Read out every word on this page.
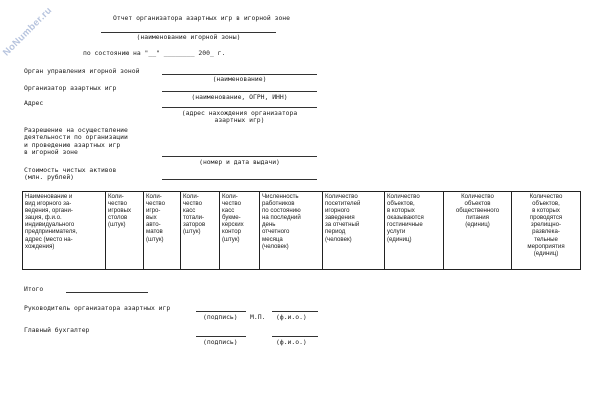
NoNumber.ru	Отчет организатора азартных игр в игорной зоне
(наименование игорной зоны)
по состоянию на "__" ________ 200_ г.
Орган управления игорной зоной
(наименование)
Организатор азартных игр
(наименование, ОГРН, ИНН)
Адрес
(адрес нахождения организатора
азартных игр)
Разрешение на осуществление
деятельности по организации
и проведению азартных игр
в игорной зоне
(номер и дата выдачи)
Стоимость чистых активов
(млн. рублей)
Наименование и
вид игорного за-
ведения, органи-
зация, ф.и.о.
индивидуального
предпринимателя,
адрес (место на-
хождения)	Коли-
чество
игровых
столов
(штук)	Коли-
чество
игро-
вых
авто-
матов
(штук)	Коли-
чество
касс
тотали-
заторов
(штук)	Коли-
чество
касс
букме-
керских
контор
(штук)	Численность
работников
по состоянию
на последний
день
отчетного
месяца
(человек)	Количество
посетителей
игорного
заведения
за отчетный
период
(человек)	Количество
объектов,
в которых
оказываются
гостиничные
услуги
(единиц)	Количество
объектов
общественного
питания
(единиц)	Количество
объектов,
в которых
проводятся
зрелищно-
развлека-
тельные
мероприятия
(единиц)
Итого
Руководитель организатора азартных игр
(подпись) М.П. (ф.и.о.)
Главный бухгалтер
(подпись)	(ф.и.о.)
